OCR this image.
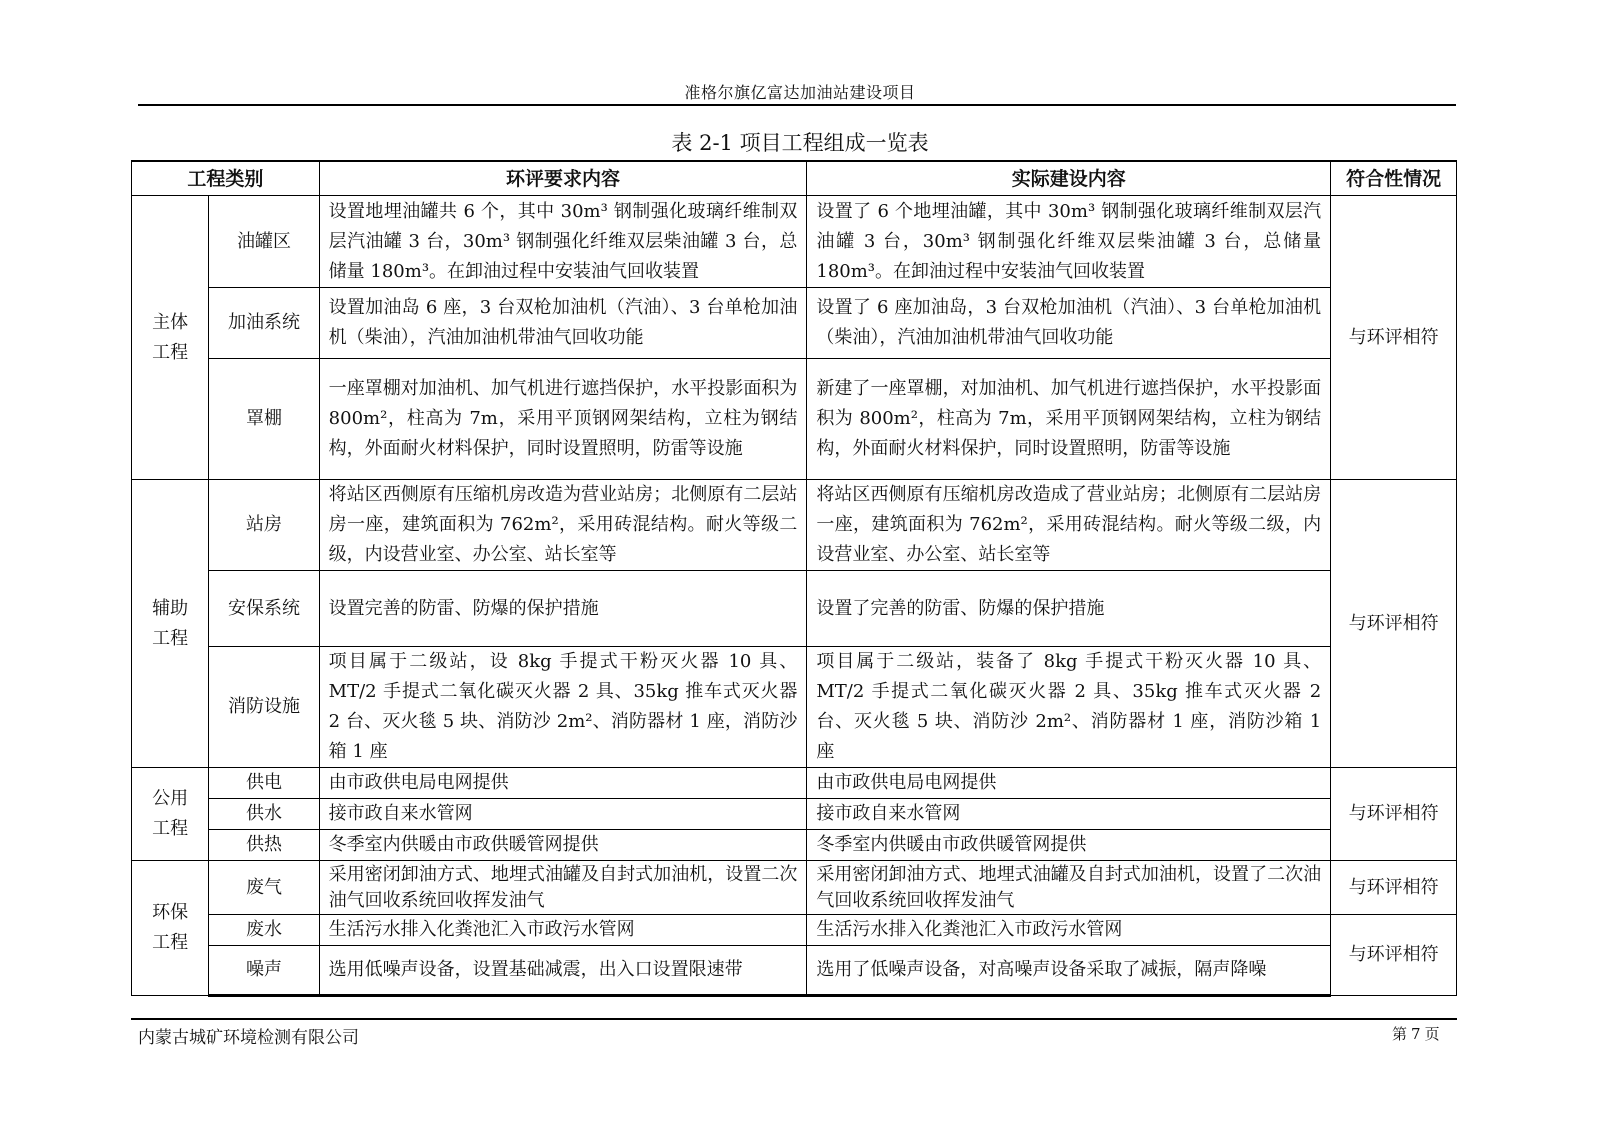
准格尔旗亿富达加油站建设项目
表 2-1 项目工程组成一览表
工程类别		环评要求内容	实际建设内容	符合性情况
主体
工程	油罐区	设置地埋油罐共 6 个，其中 30m³ 钢制强化玻璃纤维制双层汽油罐 3 台，30m³ 钢制强化纤维双层柴油罐 3 台，总储量 180m³。在卸油过程中安装油气回收装置	设置了 6 个地埋油罐，其中 30m³ 钢制强化玻璃纤维制双层汽油罐 3 台，30m³ 钢制强化纤维双层柴油罐 3 台，总储量 180m³。在卸油过程中安装油气回收装置	与环评相符
	加油系统	设置加油岛 6 座，3 台双枪加油机（汽油）、3 台单枪加油机（柴油），汽油加油机带油气回收功能	设置了 6 座加油岛，3 台双枪加油机（汽油）、3 台单枪加油机（柴油），汽油加油机带油气回收功能	
	罩棚	一座罩棚对加油机、加气机进行遮挡保护，水平投影面积为 800m²，柱高为 7m，采用平顶钢网架结构，立柱为钢结构，外面耐火材料保护，同时设置照明，防雷等设施	新建了一座罩棚，对加油机、加气机进行遮挡保护，水平投影面积为 800m²，柱高为 7m，采用平顶钢网架结构，立柱为钢结构，外面耐火材料保护，同时设置照明，防雷等设施	
辅助
工程	站房	将站区西侧原有压缩机房改造为营业站房；北侧原有二层站房一座，建筑面积为 762m²，采用砖混结构。耐火等级二级，内设营业室、办公室、站长室等	将站区西侧原有压缩机房改造成了营业站房；北侧原有二层站房一座，建筑面积为 762m²，采用砖混结构。耐火等级二级，内设营业室、办公室、站长室等	与环评相符
	安保系统	设置完善的防雷、防爆的保护措施	设置了完善的防雷、防爆的保护措施	
	消防设施	项目属于二级站，设 8kg 手提式干粉灭火器 10 具、MT/2 手提式二氧化碳灭火器 2 具、35kg 推车式灭火器 2 台、灭火毯 5 块、消防沙 2m²、消防器材 1 座，消防沙箱 1 座	项目属于二级站，装备了 8kg 手提式干粉灭火器 10 具、MT/2 手提式二氧化碳灭火器 2 具、35kg 推车式灭火器 2 台、灭火毯 5 块、消防沙 2m²、消防器材 1 座，消防沙箱 1 座	
公用
工程	供电	由市政供电局电网提供	由市政供电局电网提供	与环评相符
	供水	接市政自来水管网	接市政自来水管网	
	供热	冬季室内供暖由市政供暖管网提供	冬季室内供暖由市政供暖管网提供	
环保
工程	废气	采用密闭卸油方式、地埋式油罐及自封式加油机，设置二次油气回收系统回收挥发油气	采用密闭卸油方式、地埋式油罐及自封式加油机，设置了二次油气回收系统回收挥发油气	与环评相符
	废水	生活污水排入化粪池汇入市政污水管网	生活污水排入化粪池汇入市政污水管网	与环评相符
	噪声	选用低噪声设备，设置基础减震，出入口设置限速带	选用了低噪声设备，对高噪声设备采取了减振，隔声降噪	
内蒙古城矿环境检测有限公司	第 7 页
